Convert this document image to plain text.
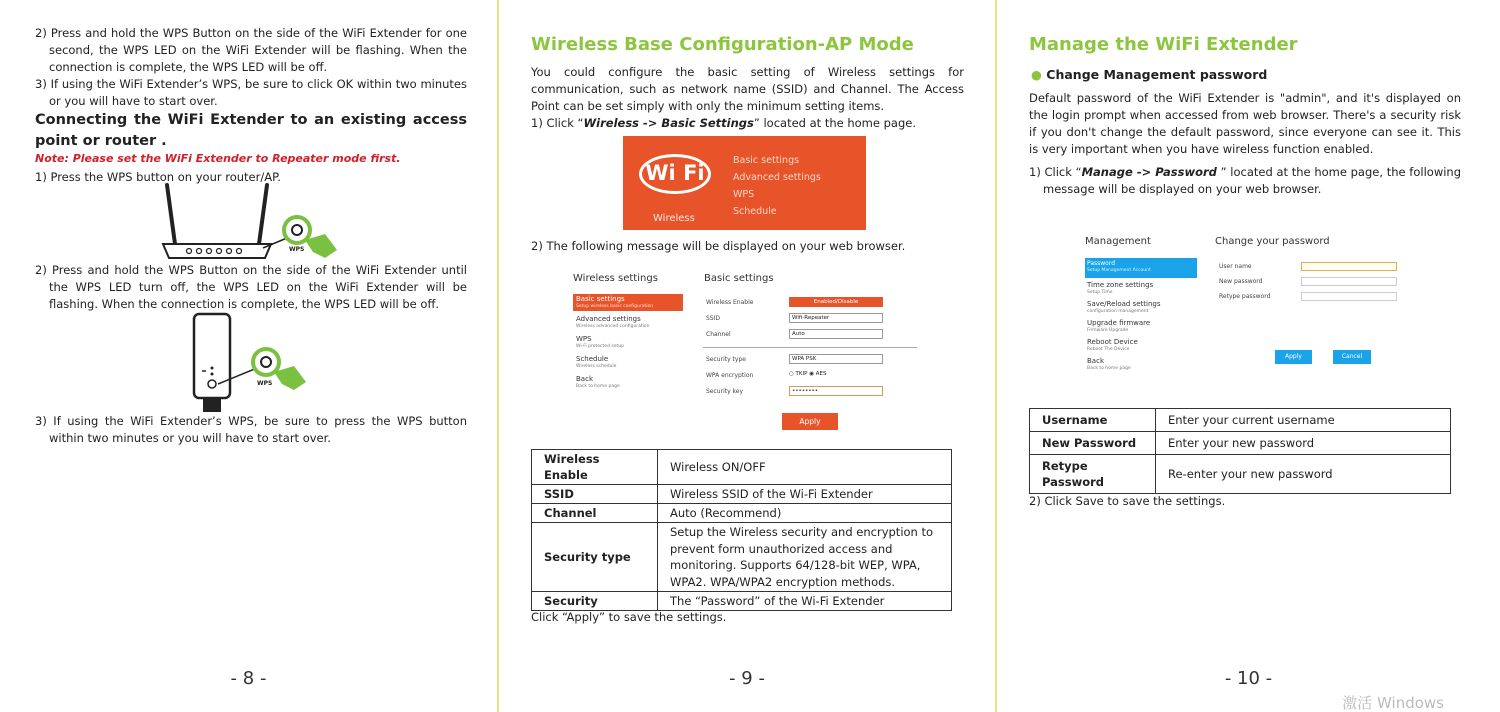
2) Press and hold the WPS Button on the side of the WiFi Extender for one second, the WPS LED on the WiFi Extender will be flashing. When the connection is complete, the WPS LED will be off.
3) If using the WiFi Extender’s WPS, be sure to click OK within two minutes or you will have to start over.
Connecting the WiFi Extender to an existing access point or router .
Note: Please set the WiFi Extender to Repeater mode first.
1) Press the WPS button on your router/AP.
WPS
2) Press and hold the WPS Button on the side of the WiFi Extender until the WPS LED turn off, the WPS LED on the WiFi Extender will be flashing. When the connection is complete, the WPS LED will be off.
WPS
3) If using the WiFi Extender’s WPS, be sure to press the WPS button within two minutes or you will have to start over.
- 8 -
Wireless Base Configuration-AP Mode
You could configure the basic setting of Wireless settings for communication, such as network name (SSID) and Channel. The Access Point can be set simply with only the minimum setting items.
1) Click “Wireless -> Basic Settings” located at the home page.
Wi Fi
Wireless
Basic settings
Advanced settings
WPS
Schedule
2) The following message will be displayed on your web browser.
Wireless settings	Basic settings
Basic settings
Setup wireless basic configuration
Advanced settings
Wireless advanced configuration
WPS
Wi-Fi protected setup
Schedule
Wireless schedule
Back
Back to home page
Wireless Enable	Enabled/Disable
SSID	Wifi-Repeater
Channel	Auto
Security type	WPA PSK
WPA encryption	○ TKIP ◉ AES
Security key	••••••••
Apply
Wireless Enable	Wireless ON/OFF
SSID	Wireless SSID of the Wi-Fi Extender
Channel	Auto (Recommend)
Security type	Setup the Wireless security and encryption to prevent form unauthorized access and monitoring. Supports 64/128-bit WEP, WPA, WPA2. WPA/WPA2 encryption methods.
Security	The “Password” of the Wi-Fi Extender
Click “Apply” to save the settings.
- 9 -
Manage the WiFi Extender
● Change Management password
Default password of the WiFi Extender is "admin", and it's displayed on the login prompt when accessed from web browser. There's a security risk if you don't change the default password, since everyone can see it. This is very important when you have wireless function enabled.
1) Click “Manage -> Password ” located at the home page, the following message will be displayed on your web browser.
Management	Change your password
Password
Setup Management Account
Time zone settings
Setup Time
Save/Reload settings
configuration management
Upgrade firmware
Firmware Upgrade
Reboot Device
Reboot The Device
Back
Back to home page
User name
New password
Retype password
Apply	Cancel
Username	Enter your current username
New Password	Enter your new password
Retype Password	Re-enter your new password
2) Click Save to save the settings.
- 10 -
激活 Windows
